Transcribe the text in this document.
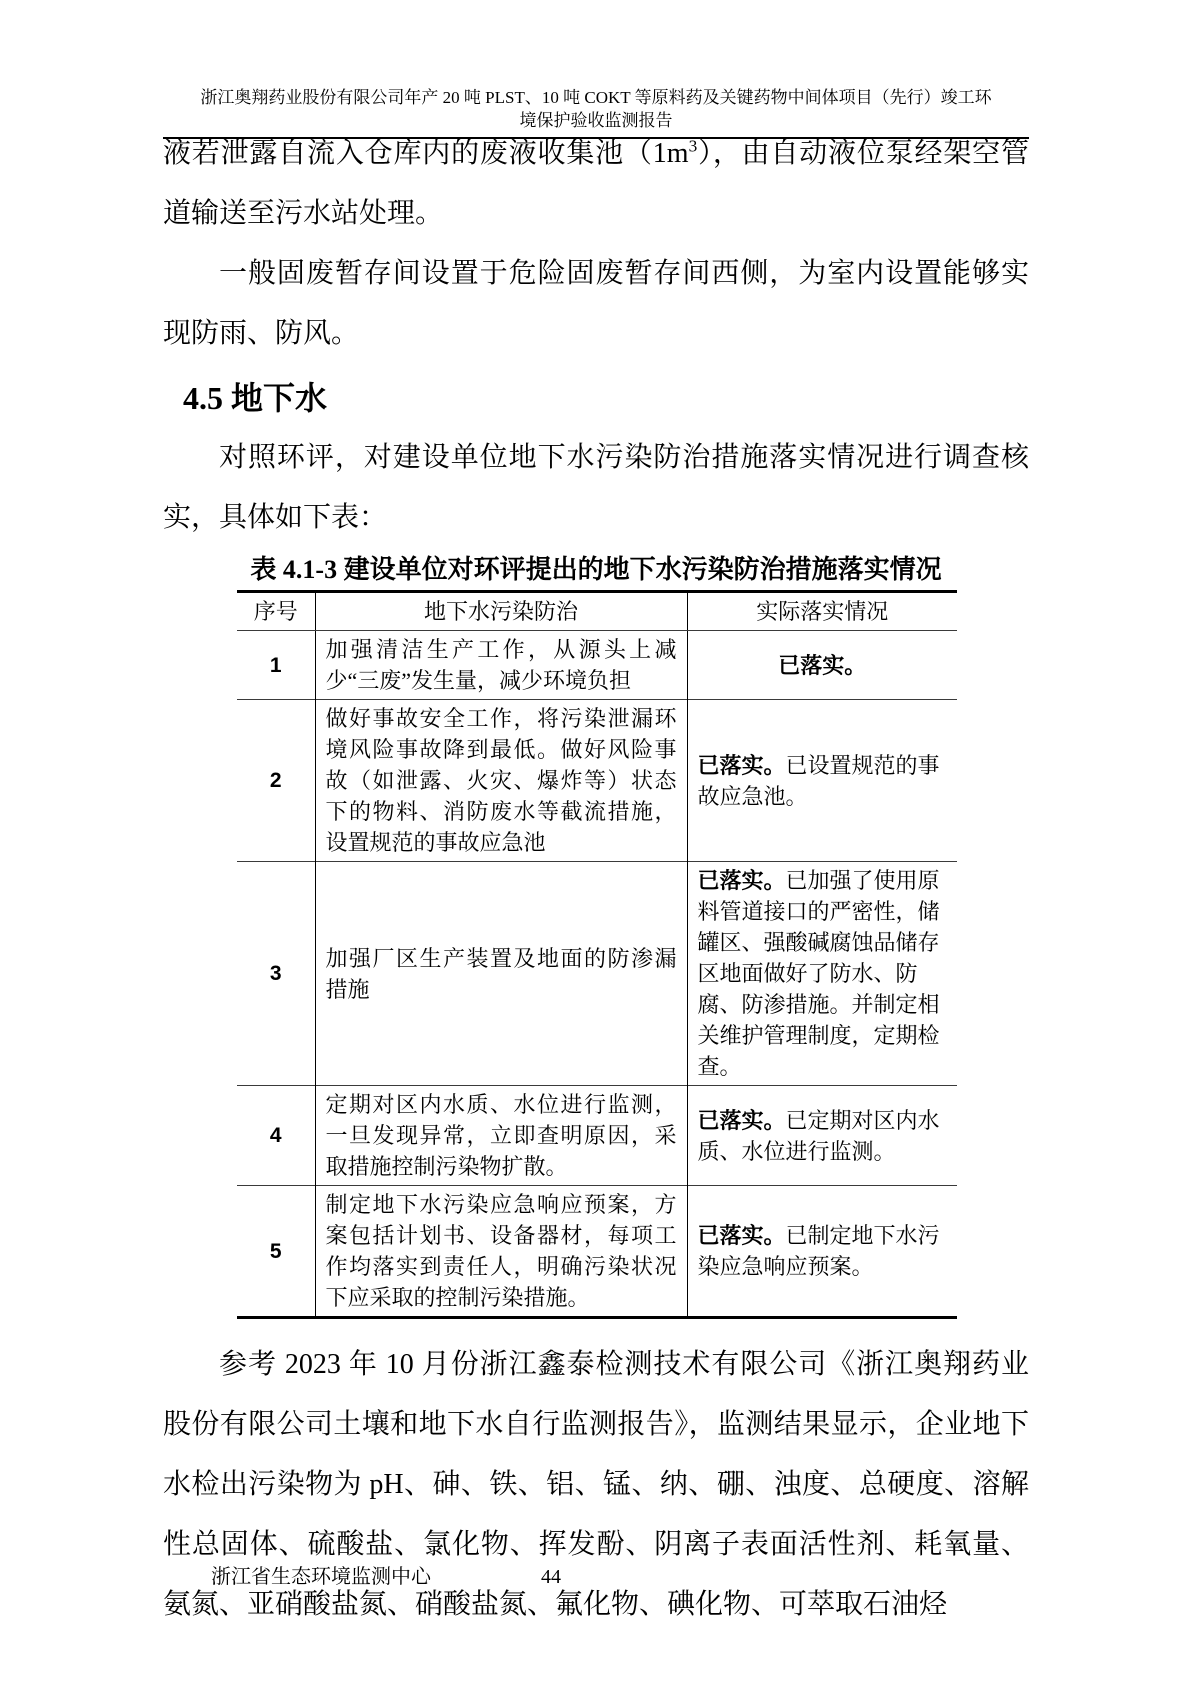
浙江奥翔药业股份有限公司年产 20 吨 PLST、10 吨 COKT 等原料药及关键药物中间体项目（先行）竣工环
境保护验收监测报告

液若泄露自流入仓库内的废液收集池$(1m^3)$，由自动液位泵经架空管道输送至污水站处理。

一般固废暂存间设置于危险固废暂存间西侧，为室内设置能够实现防雨、防风。

4.5 地下水

对照环评，对建设单位地下水污染防治措施落实情况进行调查核实，具体如下表：

表 4.1-3 建设单位对环评提出的地下水污染防治措施落实情况
序号	地下水污染防治	实际落实情况
1	加强清洁生产工作，从源头上减少“三废”发生量，减少环境负担	已落实。
2	做好事故安全工作，将污染泄漏环境风险事故降到最低。做好风险事故（如泄露、火灾、爆炸等）状态下的物料、消防废水等截流措施，设置规范的事故应急池	已落实。已设置规范的事故应急池。
3	加强厂区生产装置及地面的防渗漏措施	已落实。已加强了使用原料管道接口的严密性，储罐区、强酸碱腐蚀品储存区地面做好了防水、防腐、防渗措施。并制定相关维护管理制度，定期检查。
4	定期对区内水质、水位进行监测，一旦发现异常，立即查明原因，采取措施控制污染物扩散。	已落实。已定期对区内水质、水位进行监测。
5	制定地下水污染应急响应预案，方案包括计划书、设备器材，每项工作均落实到责任人，明确污染状况下应采取的控制污染措施。	已落实。已制定地下水污染应急响应预案。

参考 2023 年 10 月份浙江鑫泰检测技术有限公司《浙江奥翔药业股份有限公司土壤和地下水自行监测报告》，监测结果显示，企业地下水检出污染物为 pH、砷、铁、铝、锰、纳、硼、浊度、总硬度、溶解性总固体、硫酸盐、氯化物、挥发酚、阴离子表面活性剂、耗氧量、氨氮、亚硝酸盐氮、硝酸盐氮、氟化物、碘化物、可萃取石油烃

浙江省生态环境监测中心	44
